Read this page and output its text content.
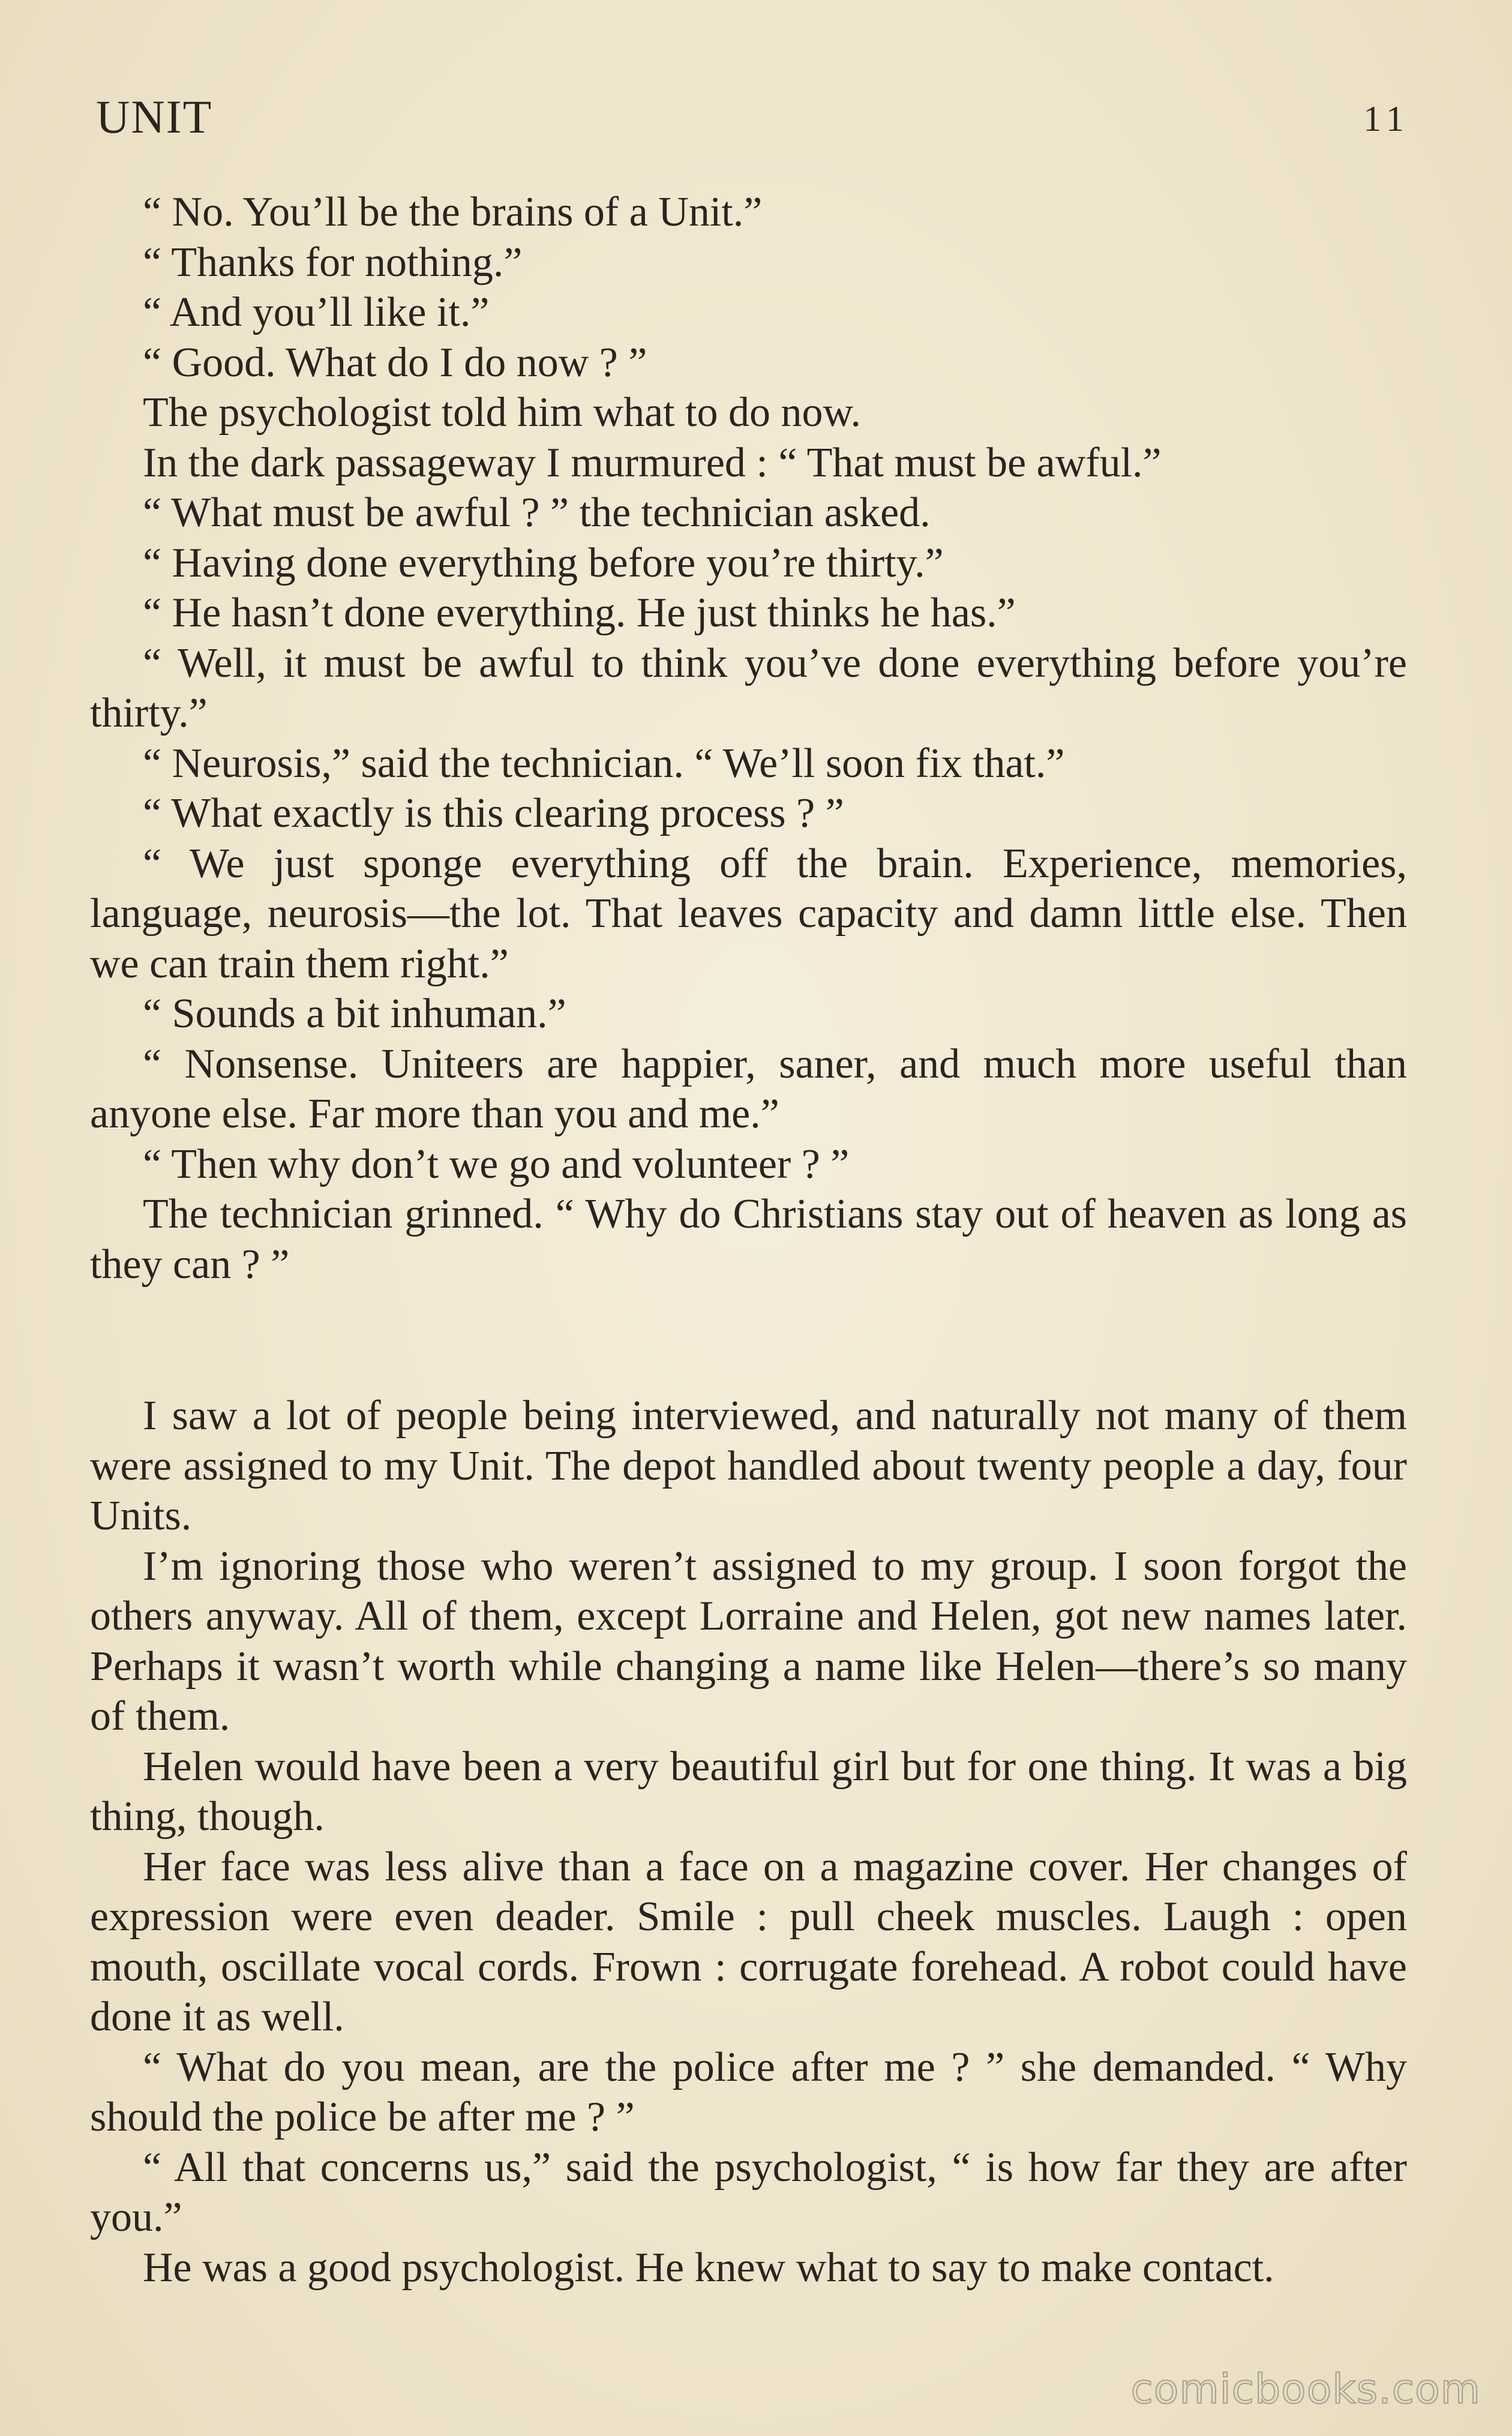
UNIT	11

“ No. You’ll be the brains of a Unit.”

“ Thanks for nothing.”

“ And you’ll like it.”

“ Good. What do I do now ? ”

The psychologist told him what to do now.

In the dark passageway I murmured : “ That must be awful.”

“ What must be awful ? ” the technician asked.

“ Having done everything before you’re thirty.”

“ He hasn’t done everything. He just thinks he has.”

“ Well, it must be awful to think you’ve done everything before you’re thirty.”

“ Neurosis,” said the technician. “ We’ll soon fix that.”

“ What exactly is this clearing process ? ”

“ We just sponge everything off the brain. Experience, memories, language, neurosis—the lot. That leaves capacity and damn little else. Then we can train them right.”

“ Sounds a bit inhuman.”

“ Nonsense. Uniteers are happier, saner, and much more useful than anyone else. Far more than you and me.”

“ Then why don’t we go and volunteer ? ”

The technician grinned. “ Why do Christians stay out of heaven as long as they can ? ”

I saw a lot of people being interviewed, and naturally not many of them were assigned to my Unit. The depot handled about twenty people a day, four Units.

I’m ignoring those who weren’t assigned to my group. I soon forgot the others anyway. All of them, except Lorraine and Helen, got new names later. Perhaps it wasn’t worth while changing a name like Helen—there’s so many of them.

Helen would have been a very beautiful girl but for one thing. It was a big thing, though.

Her face was less alive than a face on a magazine cover. Her changes of expression were even deader. Smile : pull cheek muscles. Laugh : open mouth, oscillate vocal cords. Frown : corrugate forehead. A robot could have done it as well.

“ What do you mean, are the police after me ? ” she demanded. “ Why should the police be after me ? ”

“ All that concerns us,” said the psychologist, “ is how far they are after you.”

He was a good psychologist. He knew what to say to make contact.

comicbooks.com
